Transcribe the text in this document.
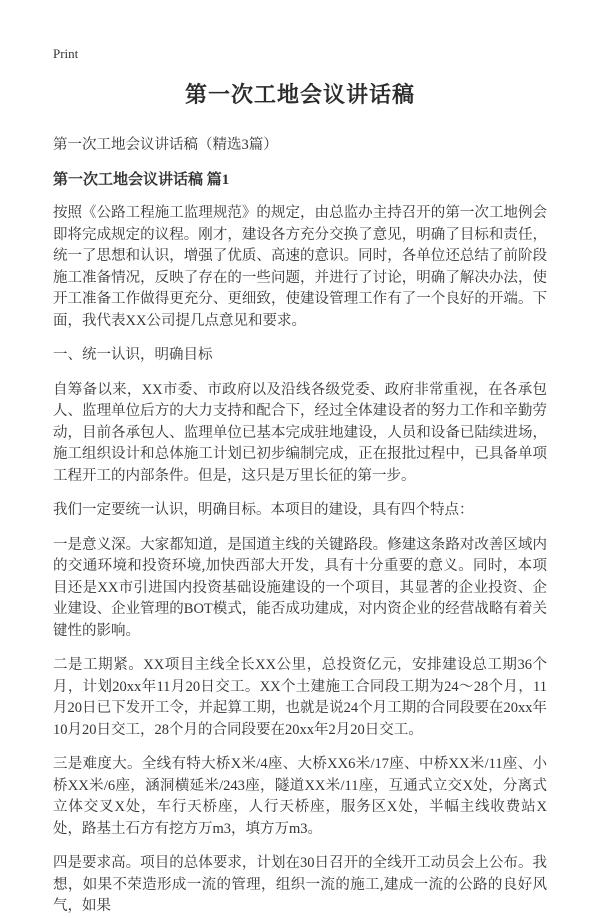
Print
第一次工地会议讲话稿

第一次工地会议讲话稿（精选3篇）

第一次工地会议讲话稿 篇1

按照《公路工程施工监理规范》的规定，由总监办主持召开的第一次工地例会即将完成规定的议程。刚才，建设各方充分交换了意见，明确了目标和责任，统一了思想和认识，增强了优质、高速的意识。同时，各单位还总结了前阶段施工准备情况，反映了存在的一些问题，并进行了讨论，明确了解决办法，使开工准备工作做得更充分、更细致，使建设管理工作有了一个良好的开端。下面，我代表XX公司提几点意见和要求。

一、统一认识，明确目标

自筹备以来，XX市委、市政府以及沿线各级党委、政府非常重视，在各承包人、监理单位后方的大力支持和配合下，经过全体建设者的努力工作和辛勤劳动，目前各承包人、监理单位已基本完成驻地建设，人员和设备已陆续进场，施工组织设计和总体施工计划已初步编制完成，正在报批过程中，已具备单项工程开工的内部条件。但是，这只是万里长征的第一步。

我们一定要统一认识，明确目标。本项目的建设，具有四个特点：

一是意义深。大家都知道，是国道主线的关键路段。修建这条路对改善区域内的交通环境和投资环境,加快西部大开发，具有十分重要的意义。同时，本项目还是XX市引进国内投资基础设施建设的一个项目，其显著的企业投资、企业建设、企业管理的BOT模式，能否成功建成，对内资企业的经营战略有着关键性的影响。

二是工期紧。XX项目主线全长XX公里，总投资亿元，安排建设总工期36个月，计划20xx年11月20日交工。XX个土建施工合同段工期为24～28个月，11月20日已下发开工令，并起算工期，也就是说24个月工期的合同段要在20xx年10月20日交工，28个月的合同段要在20xx年2月20日交工。

三是难度大。全线有特大桥X米/4座、大桥XX6米/17座、中桥XX米/11座、小桥XX米/6座，涵洞横延米/243座，隧道XX米/11座，互通式立交X处，分离式立体交叉X处，车行天桥座，人行天桥座，服务区X处，半幅主线收费站X处，路基土石方有挖方万m3，填方万m3。

四是要求高。项目的总体要求，计划在30日召开的全线开工动员会上公布。我想，如果不荣造形成一流的管理，组织一流的施工,建成一流的公路的良好风气，如果
